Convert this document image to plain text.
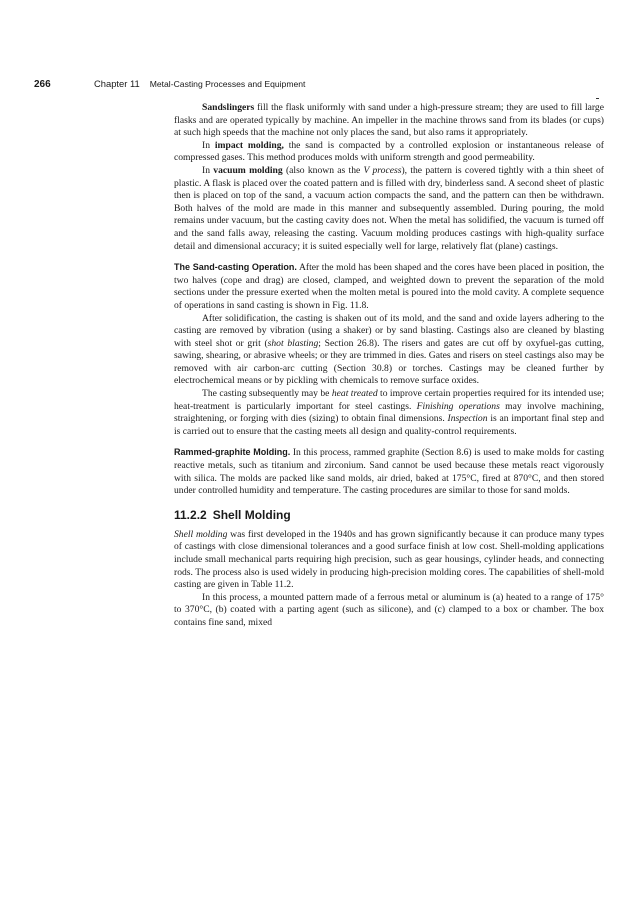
266	Chapter 11 Metal-Casting Processes and Equipment

Sandslingers fill the flask uniformly with sand under a high-pressure stream; they are used to fill large flasks and are operated typically by machine. An impeller in the machine throws sand from its blades (or cups) at such high speeds that the machine not only places the sand, but also rams it appropriately.

In impact molding, the sand is compacted by a controlled explosion or instantaneous release of compressed gases. This method produces molds with uniform strength and good permeability.

In vacuum molding (also known as the V process), the pattern is covered tightly with a thin sheet of plastic. A flask is placed over the coated pattern and is filled with dry, binderless sand. A second sheet of plastic then is placed on top of the sand, a vacuum action compacts the sand, and the pattern can then be withdrawn. Both halves of the mold are made in this manner and subsequently assembled. During pouring, the mold remains under vacuum, but the casting cavity does not. When the metal has solidified, the vacuum is turned off and the sand falls away, releasing the casting. Vacuum molding produces castings with high-quality surface detail and dimensional accuracy; it is suited especially well for large, relatively flat (plane) castings.

The Sand-casting Operation. After the mold has been shaped and the cores have been placed in position, the two halves (cope and drag) are closed, clamped, and weighted down to prevent the separation of the mold sections under the pressure exerted when the molten metal is poured into the mold cavity. A complete sequence of operations in sand casting is shown in Fig. 11.8.

After solidification, the casting is shaken out of its mold, and the sand and oxide layers adhering to the casting are removed by vibration (using a shaker) or by sand blasting. Castings also are cleaned by blasting with steel shot or grit (shot blasting; Section 26.8). The risers and gates are cut off by oxyfuel-gas cutting, sawing, shearing, or abrasive wheels; or they are trimmed in dies. Gates and risers on steel castings also may be removed with air carbon-arc cutting (Section 30.8) or torches. Castings may be cleaned further by electrochemical means or by pickling with chemicals to remove surface oxides.

The casting subsequently may be heat treated to improve certain properties required for its intended use; heat-treatment is particularly important for steel castings. Finishing operations may involve machining, straightening, or forging with dies (sizing) to obtain final dimensions. Inspection is an important final step and is carried out to ensure that the casting meets all design and quality-control requirements.

Rammed-graphite Molding. In this process, rammed graphite (Section 8.6) is used to make molds for casting reactive metals, such as titanium and zirconium. Sand cannot be used because these metals react vigorously with silica. The molds are packed like sand molds, air dried, baked at 175°C, fired at 870°C, and then stored under controlled humidity and temperature. The casting procedures are similar to those for sand molds.

11.2.2 Shell Molding

Shell molding was first developed in the 1940s and has grown significantly because it can produce many types of castings with close dimensional tolerances and a good surface finish at low cost. Shell-molding applications include small mechanical parts requiring high precision, such as gear housings, cylinder heads, and connecting rods. The process also is used widely in producing high-precision molding cores. The capabilities of shell-mold casting are given in Table 11.2.

In this process, a mounted pattern made of a ferrous metal or aluminum is (a) heated to a range of 175° to 370°C, (b) coated with a parting agent (such as silicone), and (c) clamped to a box or chamber. The box contains fine sand, mixed
